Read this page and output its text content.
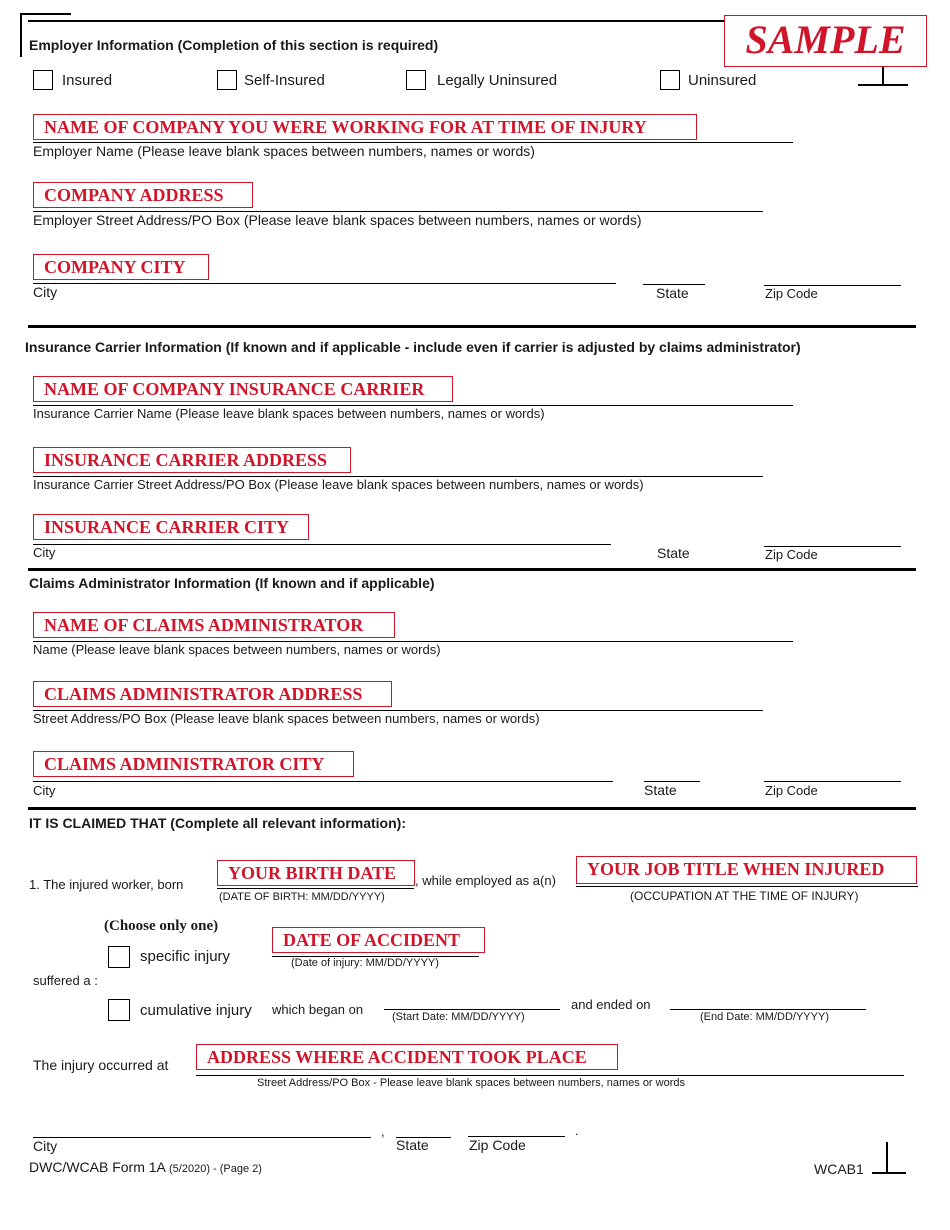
SAMPLE
Employer Information (Completion of this section is required)
Insured	Self-Insured	Legally Uninsured	Uninsured
NAME OF COMPANY YOU WERE WORKING FOR AT TIME OF INJURY
Employer Name (Please leave blank spaces between numbers, names or words)
COMPANY ADDRESS
Employer Street Address/PO Box (Please leave blank spaces between numbers, names or words)
COMPANY CITY
City	State	Zip Code
Insurance Carrier Information (If known and if applicable - include even if carrier is adjusted by claims administrator)
NAME OF COMPANY INSURANCE CARRIER
Insurance Carrier Name (Please leave blank spaces between numbers, names or words)
INSURANCE CARRIER ADDRESS
Insurance Carrier Street Address/PO Box (Please leave blank spaces between numbers, names or words)
INSURANCE CARRIER CITY
City	State	Zip Code
Claims Administrator Information (If known and if applicable)
NAME OF CLAIMS ADMINISTRATOR
Name (Please leave blank spaces between numbers, names or words)
CLAIMS ADMINISTRATOR ADDRESS
Street Address/PO Box (Please leave blank spaces between numbers, names or words)
CLAIMS ADMINISTRATOR CITY
City	State	Zip Code
IT IS CLAIMED THAT (Complete all relevant information):
1. The injured worker, born
YOUR BIRTH DATE
(DATE OF BIRTH: MM/DD/YYYY)
, while employed as a(n)
YOUR JOB TITLE WHEN INJURED
(OCCUPATION AT THE TIME OF INJURY)
(Choose only one)
specific injury
DATE OF ACCIDENT
(Date of injury: MM/DD/YYYY)
suffered a :
cumulative injury which began on	(Start Date: MM/DD/YYYY)
and ended on
(End Date: MM/DD/YYYY)
The injury occurred at	ADDRESS WHERE ACCIDENT TOOK PLACE
Street Address/PO Box - Please leave blank spaces between numbers, names or words
City
,
State	Zip Code
.
DWC/WCAB Form 1A (5/2020) - (Page 2)	WCAB1
